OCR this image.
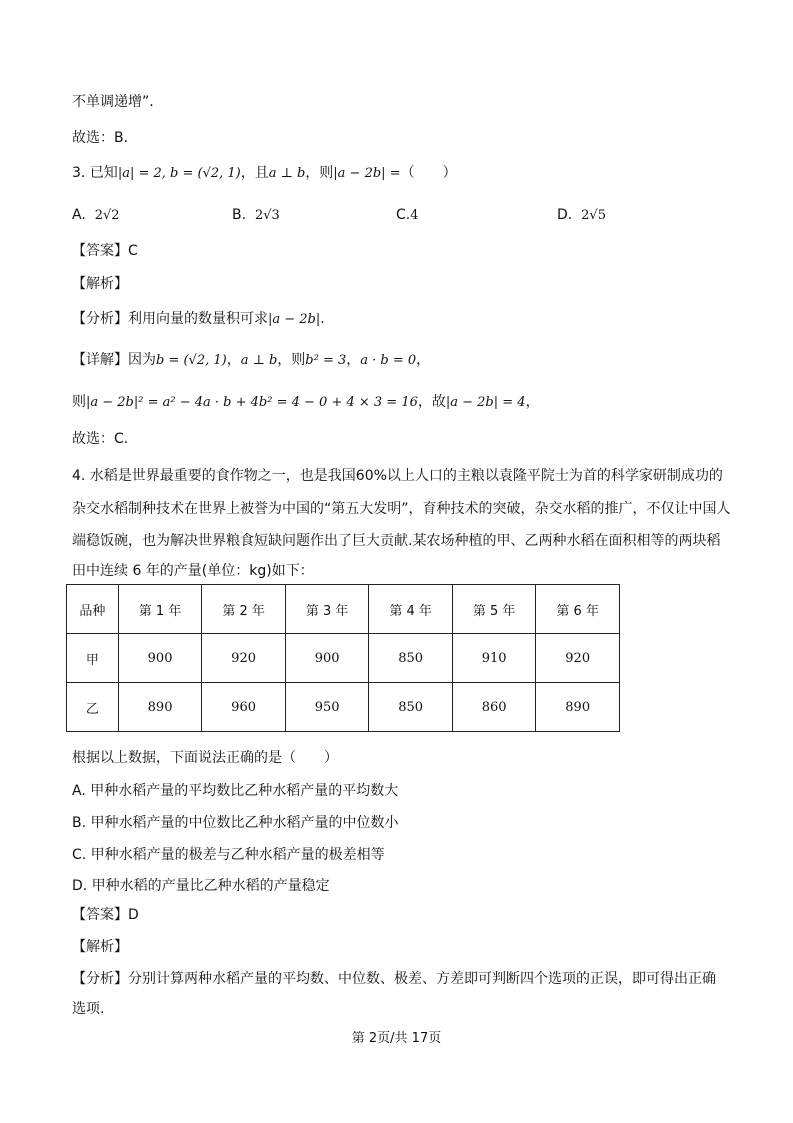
不单调递增”．
故选：B．
3. 已知|a| = 2, b = (√2, 1)，且a ⊥ b，则|a − 2b| =（　　）
A. 2√2	B. 2√3	C.4	D. 2√5
【答案】C
【解析】
【分析】利用向量的数量积可求|a − 2b|.
【详解】因为b = (√2, 1)，a ⊥ b，则b² = 3，a · b = 0，
则|a − 2b|² = a² − 4a · b + 4b² = 4 − 0 + 4 × 3 = 16，故|a − 2b| = 4，
故选：C.
4. 水稻是世界最重要的食作物之一，也是我国60%以上人口的主粮以袁隆平院士为首的科学家研制成功的
杂交水稻制种技术在世界上被誉为中国的“第五大发明”，育种技术的突破，杂交水稻的推广，不仅让中国人
端稳饭碗，也为解决世界粮食短缺问题作出了巨大贡献.某农场种植的甲、乙两种水稻在面积相等的两块稻
田中连续 6 年的产量(单位：kg)如下：
品种	第 1 年	第 2 年	第 3 年	第 4 年	第 5 年	第 6 年
甲	900	920	900	850	910	920
乙	890	960	950	850	860	890
根据以上数据，下面说法正确的是（　　）
A. 甲种水稻产量的平均数比乙种水稻产量的平均数大
B. 甲种水稻产量的中位数比乙种水稻产量的中位数小
C. 甲种水稻产量的极差与乙种水稻产量的极差相等
D. 甲种水稻的产量比乙种水稻的产量稳定
【答案】D
【解析】
【分析】分别计算两种水稻产量的平均数、中位数、极差、方差即可判断四个选项的正误，即可得出正确
选项.
第 2页/共 17页
